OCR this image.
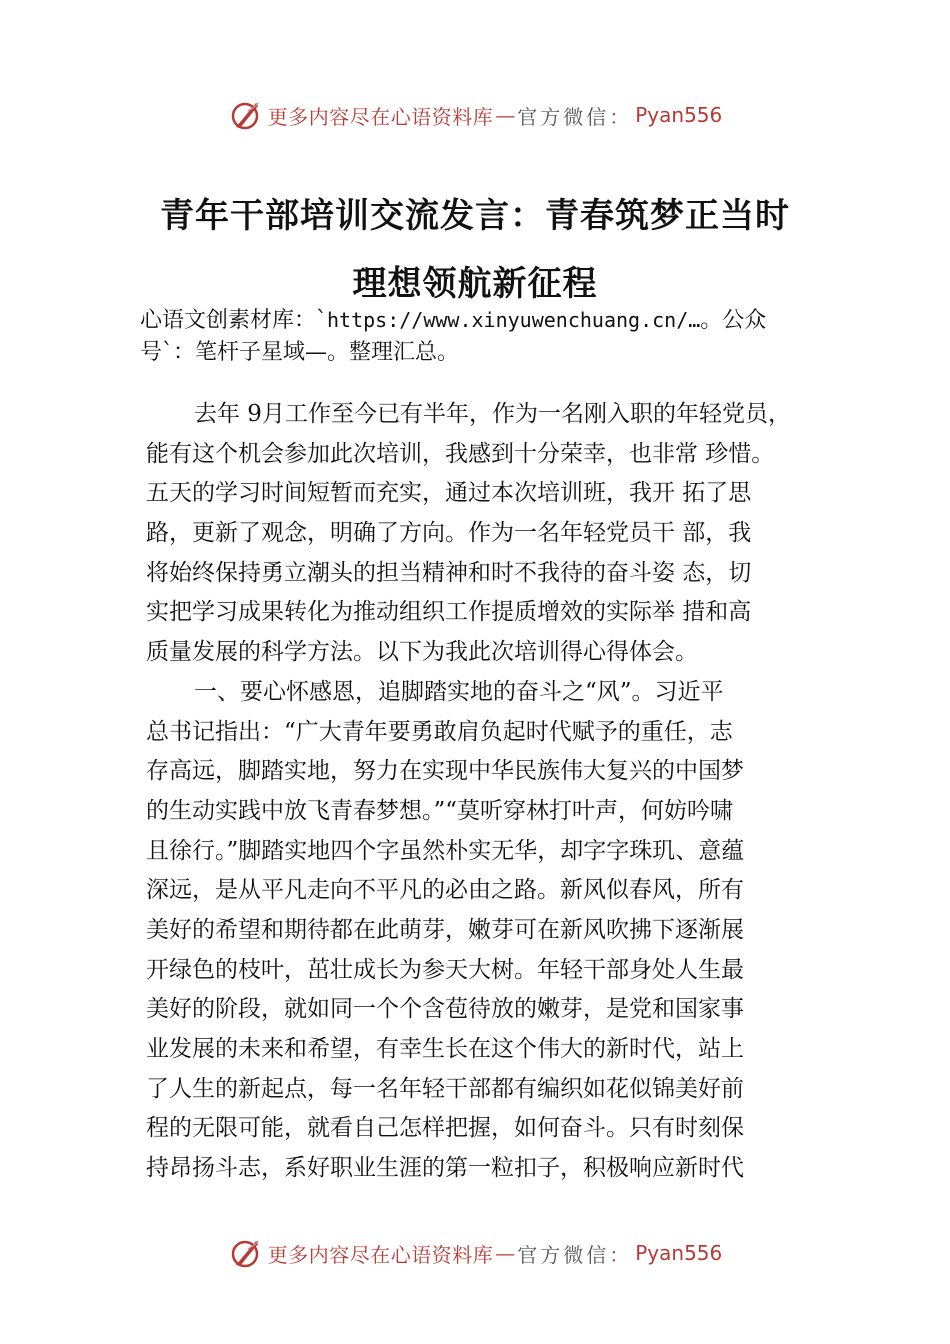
更多内容尽在心语资料库 — 官方微信 ： Pyan556
青年干部培训交流发言：青春筑梦正当时
理想领航新征程
心语文创素材库：`https://www.xinyuwenchuang.cn/…。公众
号`：笔杆子星域—。整理汇总。
去年 9月工作至今已有半年，作为一名刚入职的年轻党员，
能有这个机会参加此次培训，我感到十分荣幸，也非常 珍惜。
五天的学习时间短暂而充实，通过本次培训班，我开 拓了思
路，更新了观念，明确了方向。作为一名年轻党员干 部，我
将始终保持勇立潮头的担当精神和时不我待的奋斗姿 态，切
实把学习成果转化为推动组织工作提质增效的实际举 措和高
质量发展的科学方法。以下为我此次培训得心得体会。
一、要心怀感恩，追脚踏实地的奋斗之“风”。习近平
总书记指出：“广大青年要勇敢肩负起时代赋予的重任，志
存高远，脚踏实地，努力在实现中华民族伟大复兴的中国梦
的生动实践中放飞青春梦想。”“莫听穿林打叶声，何妨吟啸
且徐行。”脚踏实地四个字虽然朴实无华，却字字珠玑、意蕴
深远，是从平凡走向不平凡的必由之路。新风似春风，所有
美好的希望和期待都在此萌芽，嫩芽可在新风吹拂下逐渐展
开绿色的枝叶，茁壮成长为参天大树。年轻干部身处人生最
美好的阶段，就如同一个个含苞待放的嫩芽，是党和国家事
业发展的未来和希望，有幸生长在这个伟大的新时代，站上
了人生的新起点，每一名年轻干部都有编织如花似锦美好前
程的无限可能，就看自己怎样把握，如何奋斗。只有时刻保
持昂扬斗志，系好职业生涯的第一粒扣子，积极响应新时代
更多内容尽在心语资料库 — 官方微信 ： Pyan556
